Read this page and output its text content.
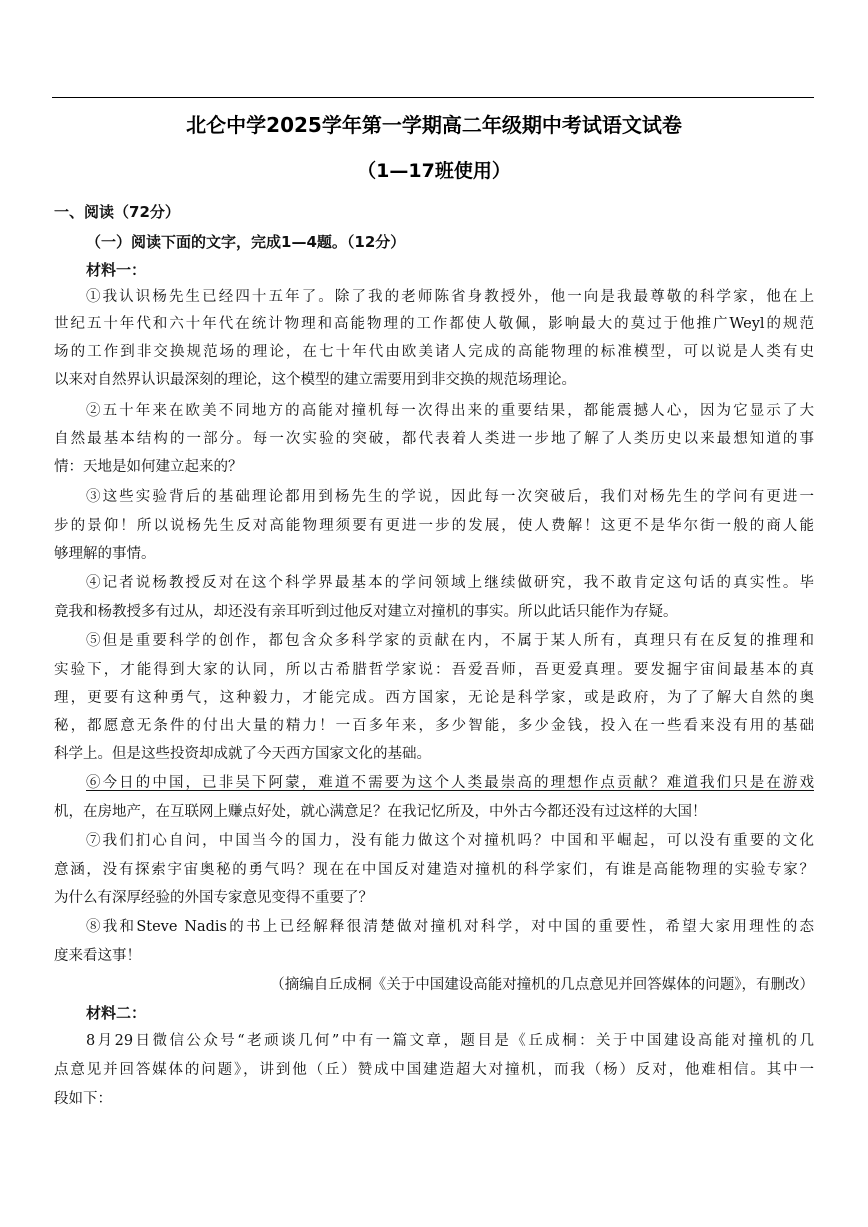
北仑中学2025学年第一学期高二年级期中考试语文试卷
（1—17班使用）
一、阅读（72分）
（一）阅读下面的文字，完成1—4题。（12分）
材料一：
①我认识杨先生已经四十五年了。除了我的老师陈省身教授外，他一向是我最尊敬的科学家，他在上
世纪五十年代和六十年代在统计物理和高能物理的工作都使人敬佩，影响最大的莫过于他推广Weyl的规范
场的工作到非交换规范场的理论，在七十年代由欧美诸人完成的高能物理的标准模型，可以说是人类有史
以来对自然界认识最深刻的理论，这个模型的建立需要用到非交换的规范场理论。
②五十年来在欧美不同地方的高能对撞机每一次得出来的重要结果，都能震撼人心，因为它显示了大
自然最基本结构的一部分。每一次实验的突破，都代表着人类进一步地了解了人类历史以来最想知道的事
情：天地是如何建立起来的？
③这些实验背后的基础理论都用到杨先生的学说，因此每一次突破后，我们对杨先生的学问有更进一
步的景仰！所以说杨先生反对高能物理须要有更进一步的发展，使人费解！这更不是华尔街一般的商人能
够理解的事情。
④记者说杨教授反对在这个科学界最基本的学问领域上继续做研究，我不敢肯定这句话的真实性。毕
竟我和杨教授多有过从，却还没有亲耳听到过他反对建立对撞机的事实。所以此话只能作为存疑。
⑤但是重要科学的创作，都包含众多科学家的贡献在内，不属于某人所有，真理只有在反复的推理和
实验下，才能得到大家的认同，所以古希腊哲学家说：吾爱吾师，吾更爱真理。要发掘宇宙间最基本的真
理，更要有这种勇气，这种毅力，才能完成。西方国家，无论是科学家，或是政府，为了了解大自然的奥
秘，都愿意无条件的付出大量的精力！一百多年来，多少智能，多少金钱，投入在一些看来没有用的基础
科学上。但是这些投资却成就了今天西方国家文化的基础。
⑥今日的中国，已非吴下阿蒙，难道不需要为这个人类最崇高的理想作点贡献？难道我们只是在游戏
机，在房地产，在互联网上赚点好处，就心满意足？在我记忆所及，中外古今都还没有过这样的大国！
⑦我们扪心自问，中国当今的国力，没有能力做这个对撞机吗？中国和平崛起，可以没有重要的文化
意涵，没有探索宇宙奥秘的勇气吗？现在在中国反对建造对撞机的科学家们，有谁是高能物理的实验专家？
为什么有深厚经验的外国专家意见变得不重要了？
⑧我和Steve Nadis的书上已经解释很清楚做对撞机对科学，对中国的重要性，希望大家用理性的态
度来看这事！
（摘编自丘成桐《关于中国建设高能对撞机的几点意见并回答媒体的问题》，有删改）
材料二：
8月29日微信公众号“老顽谈几何”中有一篇文章，题目是《丘成桐：关于中国建设高能对撞机的几
点意见并回答媒体的问题》，讲到他（丘）赞成中国建造超大对撞机，而我（杨）反对，他难相信。其中一
段如下：
